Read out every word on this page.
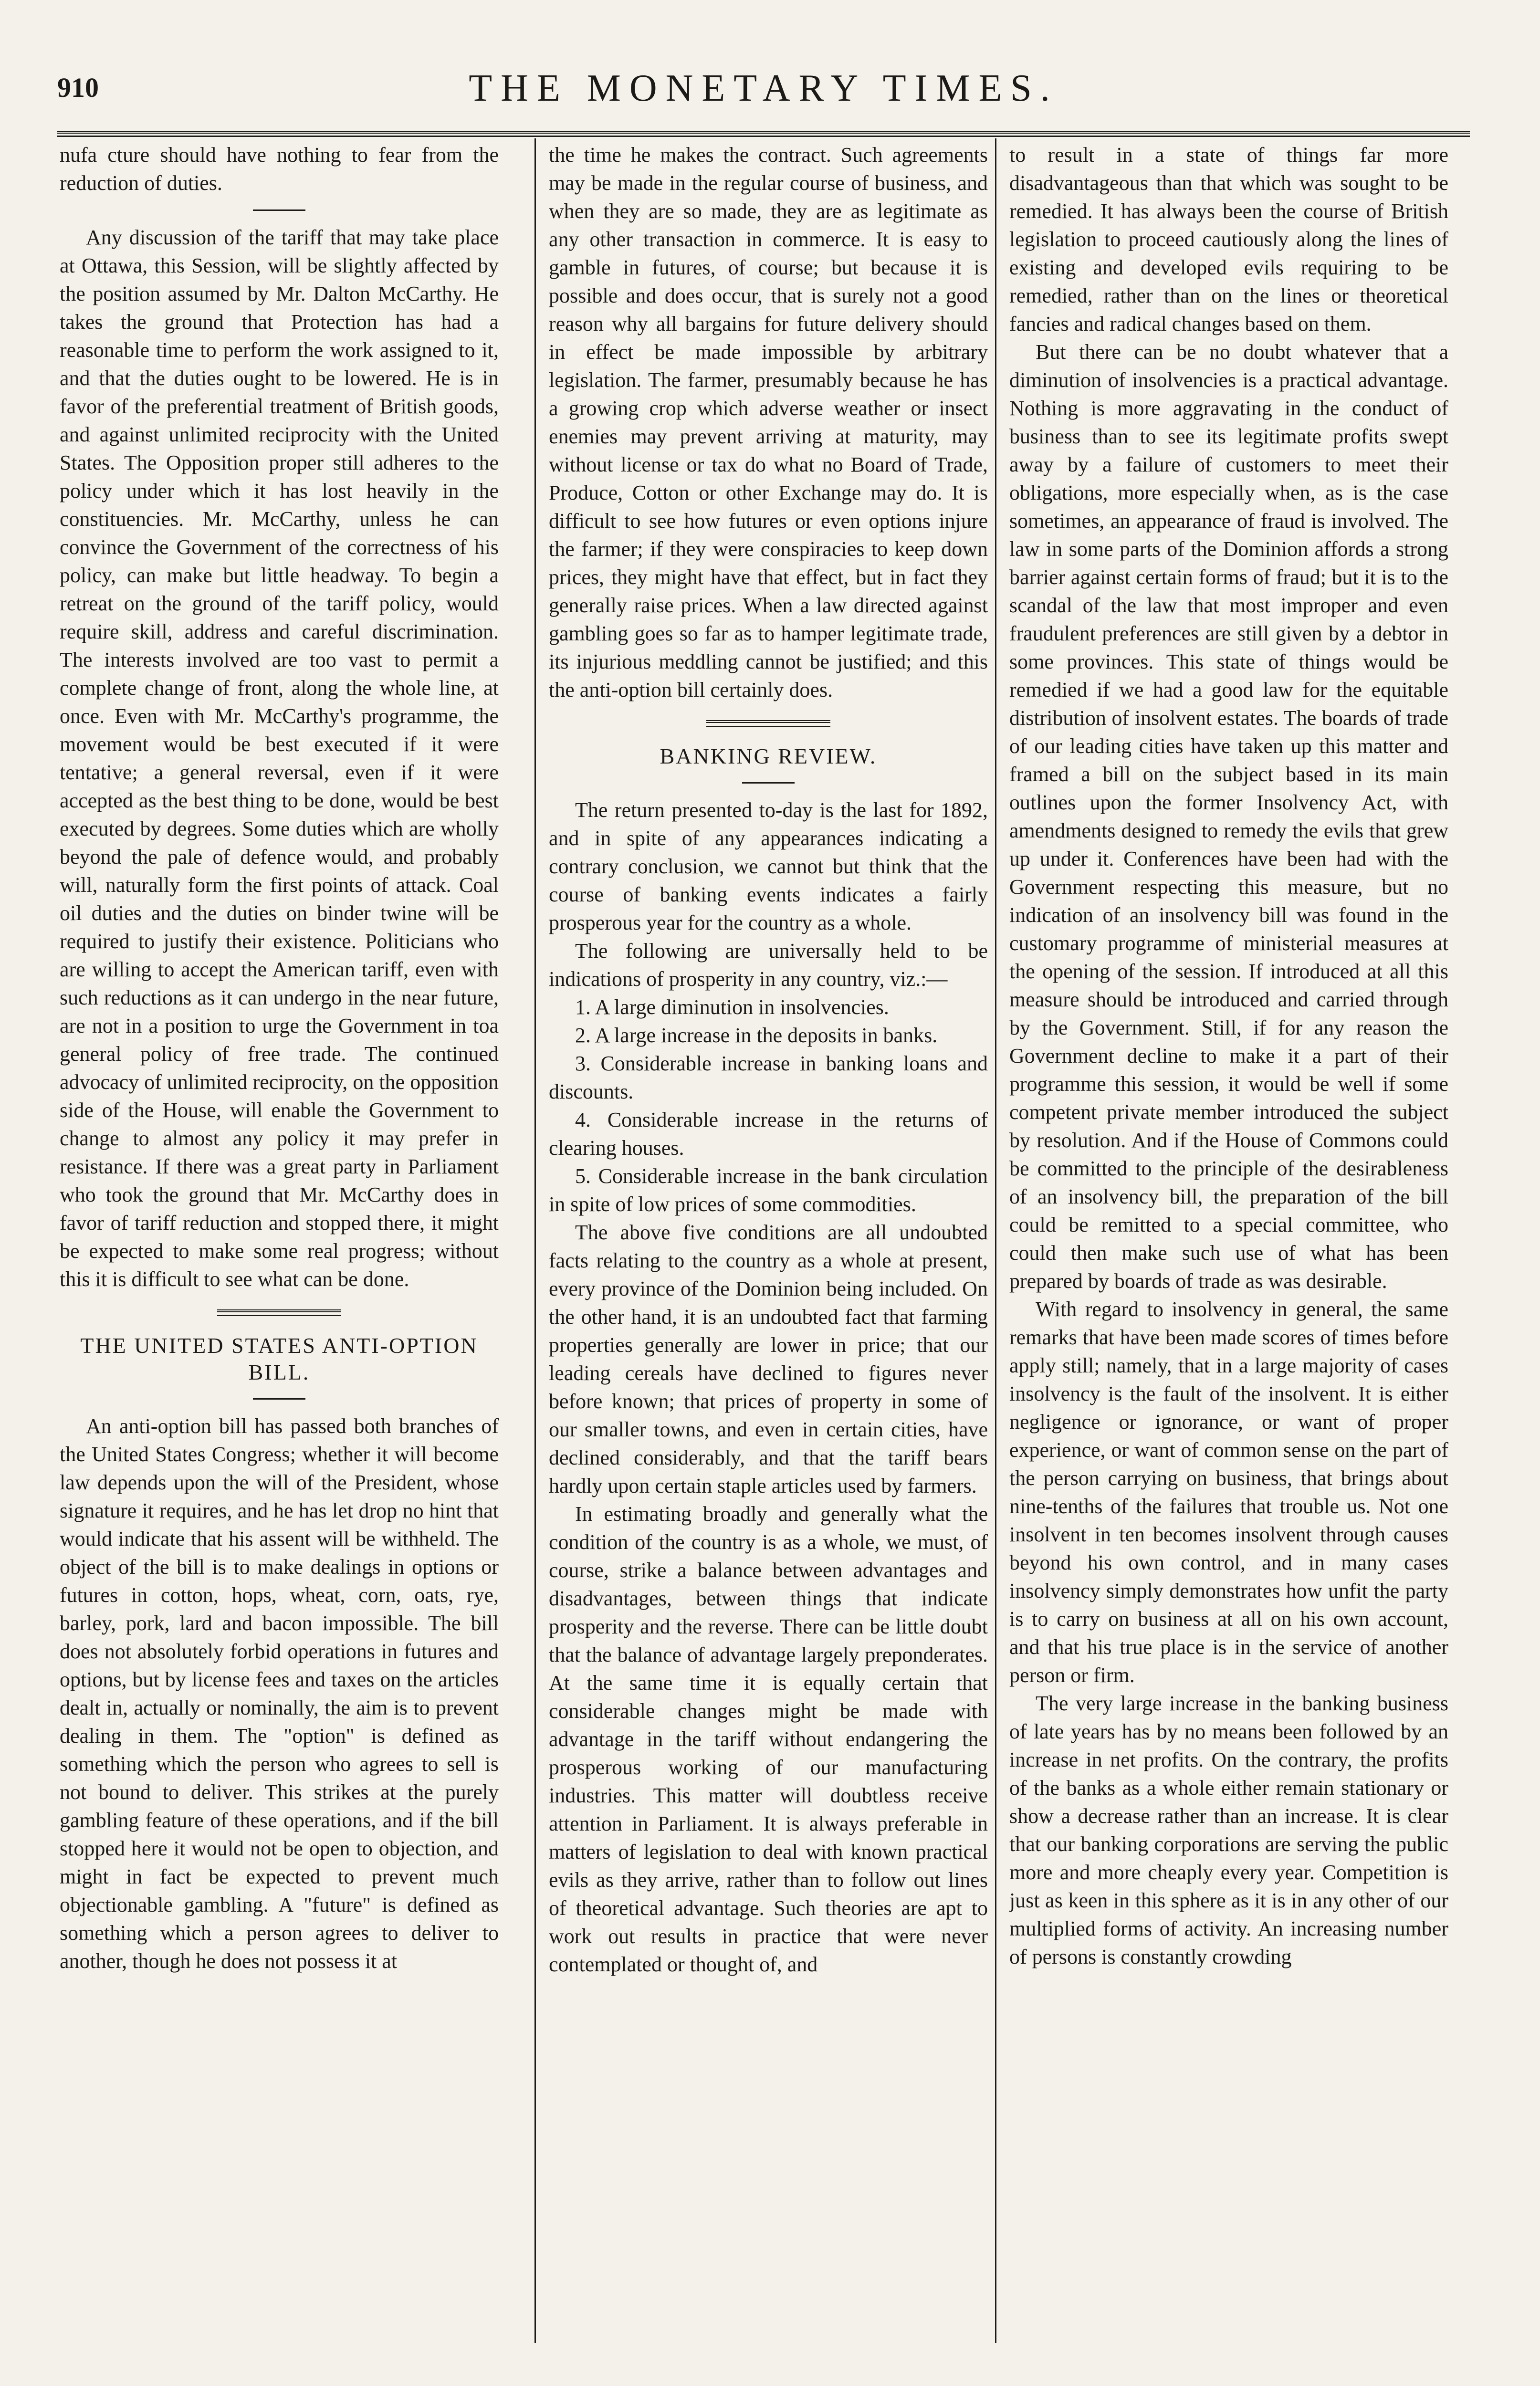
910	THE MONETARY TIMES.

nufa cture should have nothing to fear from the reduction of duties.

Any discussion of the tariff that may take place at Ottawa, this Session, will be slightly affected by the position assumed by Mr. Dalton McCarthy. He takes the ground that Protection has had a reasonable time to perform the work assigned to it, and that the duties ought to be lowered. He is in favor of the preferential treatment of British goods, and against unlimited reciprocity with the United States. The Opposition proper still adheres to the policy under which it has lost heavily in the constituencies. Mr. McCarthy, unless he can convince the Government of the correctness of his policy, can make but little headway. To begin a retreat on the ground of the tariff policy, would require skill, address and careful discrimination. The interests involved are too vast to permit a complete change of front, along the whole line, at once. Even with Mr. McCarthy's programme, the movement would be best executed if it were tentative; a general reversal, even if it were accepted as the best thing to be done, would be best executed by degrees. Some duties which are wholly beyond the pale of defence would, and probably will, naturally form the first points of attack. Coal oil duties and the duties on binder twine will be required to justify their existence. Politicians who are willing to accept the American tariff, even with such reductions as it can undergo in the near future, are not in a position to urge the Government in toa general policy of free trade. The continued advocacy of unlimited reciprocity, on the opposition side of the House, will enable the Government to change to almost any policy it may prefer in resistance. If there was a great party in Parliament who took the ground that Mr. McCarthy does in favor of tariff reduction and stopped there, it might be expected to make some real progress; without this it is difficult to see what can be done.

THE UNITED STATES ANTI-OPTION BILL.

An anti-option bill has passed both branches of the United States Congress; whether it will become law depends upon the will of the President, whose signature it requires, and he has let drop no hint that would indicate that his assent will be withheld. The object of the bill is to make dealings in options or futures in cotton, hops, wheat, corn, oats, rye, barley, pork, lard and bacon impossible. The bill does not absolutely forbid operations in futures and options, but by license fees and taxes on the articles dealt in, actually or nominally, the aim is to prevent dealing in them. The "option" is defined as something which the person who agrees to sell is not bound to deliver. This strikes at the purely gambling feature of these operations, and if the bill stopped here it would not be open to objection, and might in fact be expected to prevent much objectionable gambling. A "future" is defined as something which a person agrees to deliver to another, though he does not possess it at

the time he makes the contract. Such agreements may be made in the regular course of business, and when they are so made, they are as legitimate as any other transaction in commerce. It is easy to gamble in futures, of course; but because it is possible and does occur, that is surely not a good reason why all bargains for future delivery should in effect be made impossible by arbitrary legislation. The farmer, presumably because he has a growing crop which adverse weather or insect enemies may prevent arriving at maturity, may without license or tax do what no Board of Trade, Produce, Cotton or other Exchange may do. It is difficult to see how futures or even options injure the farmer; if they were conspiracies to keep down prices, they might have that effect, but in fact they generally raise prices. When a law directed against gambling goes so far as to hamper legitimate trade, its injurious meddling cannot be justified; and this the anti-option bill certainly does.

BANKING REVIEW.

The return presented to-day is the last for 1892, and in spite of any appearances indicating a contrary conclusion, we cannot but think that the course of banking events indicates a fairly prosperous year for the country as a whole.

The following are universally held to be indications of prosperity in any country, viz.:—

1. A large diminution in insolvencies.

2. A large increase in the deposits in banks.

3. Considerable increase in banking loans and discounts.

4. Considerable increase in the returns of clearing houses.

5. Considerable increase in the bank circulation in spite of low prices of some commodities.

The above five conditions are all undoubted facts relating to the country as a whole at present, every province of the Dominion being included. On the other hand, it is an undoubted fact that farming properties generally are lower in price; that our leading cereals have declined to figures never before known; that prices of property in some of our smaller towns, and even in certain cities, have declined considerably, and that the tariff bears hardly upon certain staple articles used by farmers.

In estimating broadly and generally what the condition of the country is as a whole, we must, of course, strike a balance between advantages and disadvantages, between things that indicate prosperity and the reverse. There can be little doubt that the balance of advantage largely preponderates. At the same time it is equally certain that considerable changes might be made with advantage in the tariff without endangering the prosperous working of our manufacturing industries. This matter will doubtless receive attention in Parliament. It is always preferable in matters of legislation to deal with known practical evils as they arrive, rather than to follow out lines of theoretical advantage. Such theories are apt to work out results in practice that were never contemplated or thought of, and

to result in a state of things far more disadvantageous than that which was sought to be remedied. It has always been the course of British legislation to proceed cautiously along the lines of existing and developed evils requiring to be remedied, rather than on the lines or theoretical fancies and radical changes based on them.

But there can be no doubt whatever that a diminution of insolvencies is a practical advantage. Nothing is more aggravating in the conduct of business than to see its legitimate profits swept away by a failure of customers to meet their obligations, more especially when, as is the case sometimes, an appearance of fraud is involved. The law in some parts of the Dominion affords a strong barrier against certain forms of fraud; but it is to the scandal of the law that most improper and even fraudulent preferences are still given by a debtor in some provinces. This state of things would be remedied if we had a good law for the equitable distribution of insolvent estates. The boards of trade of our leading cities have taken up this matter and framed a bill on the subject based in its main outlines upon the former Insolvency Act, with amendments designed to remedy the evils that grew up under it. Conferences have been had with the Government respecting this measure, but no indication of an insolvency bill was found in the customary programme of ministerial measures at the opening of the session. If introduced at all this measure should be introduced and carried through by the Government. Still, if for any reason the Government decline to make it a part of their programme this session, it would be well if some competent private member introduced the subject by resolution. And if the House of Commons could be committed to the principle of the desirableness of an insolvency bill, the preparation of the bill could be remitted to a special committee, who could then make such use of what has been prepared by boards of trade as was desirable.

With regard to insolvency in general, the same remarks that have been made scores of times before apply still; namely, that in a large majority of cases insolvency is the fault of the insolvent. It is either negligence or ignorance, or want of proper experience, or want of common sense on the part of the person carrying on business, that brings about nine-tenths of the failures that trouble us. Not one insolvent in ten becomes insolvent through causes beyond his own control, and in many cases insolvency simply demonstrates how unfit the party is to carry on business at all on his own account, and that his true place is in the service of another person or firm.

The very large increase in the banking business of late years has by no means been followed by an increase in net profits. On the contrary, the profits of the banks as a whole either remain stationary or show a decrease rather than an increase. It is clear that our banking corporations are serving the public more and more cheaply every year. Competition is just as keen in this sphere as it is in any other of our multiplied forms of activity. An increasing number of persons is constantly crowding
